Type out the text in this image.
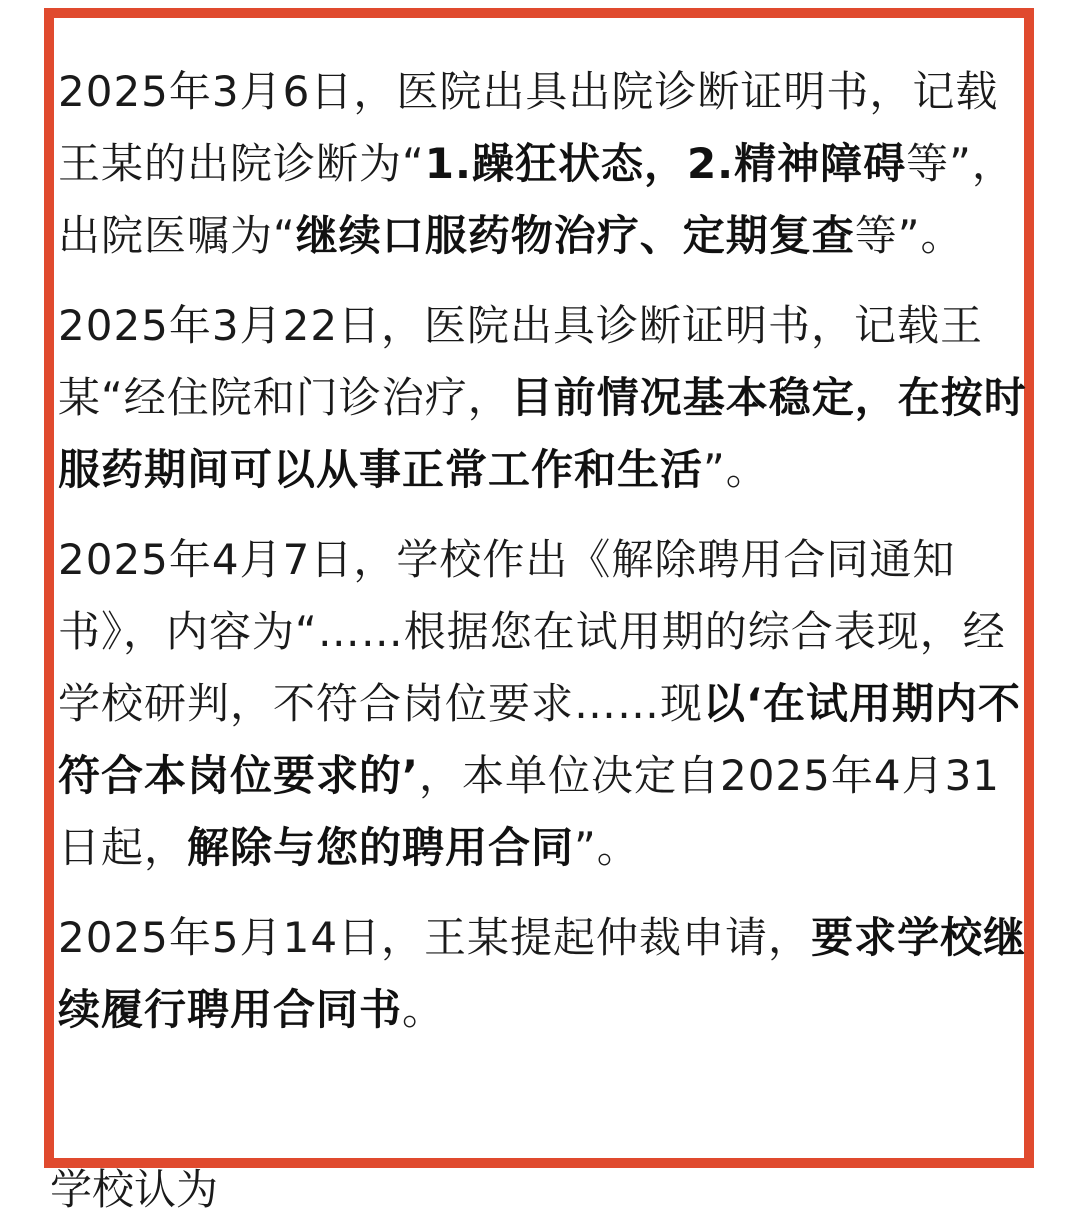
2025年3月6日，医院出具出院诊断证明书，记载王某的出院诊断为“1.躁狂状态，2.精神障碍等”，出院医嘱为“继续口服药物治疗、定期复查等”。

2025年3月22日，医院出具诊断证明书，记载王某“经住院和门诊治疗，目前情况基本稳定，在按时服药期间可以从事正常工作和生活”。

2025年4月7日，学校作出《解除聘用合同通知书》，内容为“……根据您在试用期的综合表现，经学校研判，不符合岗位要求……现以‘在试用期内不符合本岗位要求的’，本单位决定自2025年4月31日起，解除与您的聘用合同”。

2025年5月14日，王某提起仲裁申请，要求学校继续履行聘用合同书。

学校认为
